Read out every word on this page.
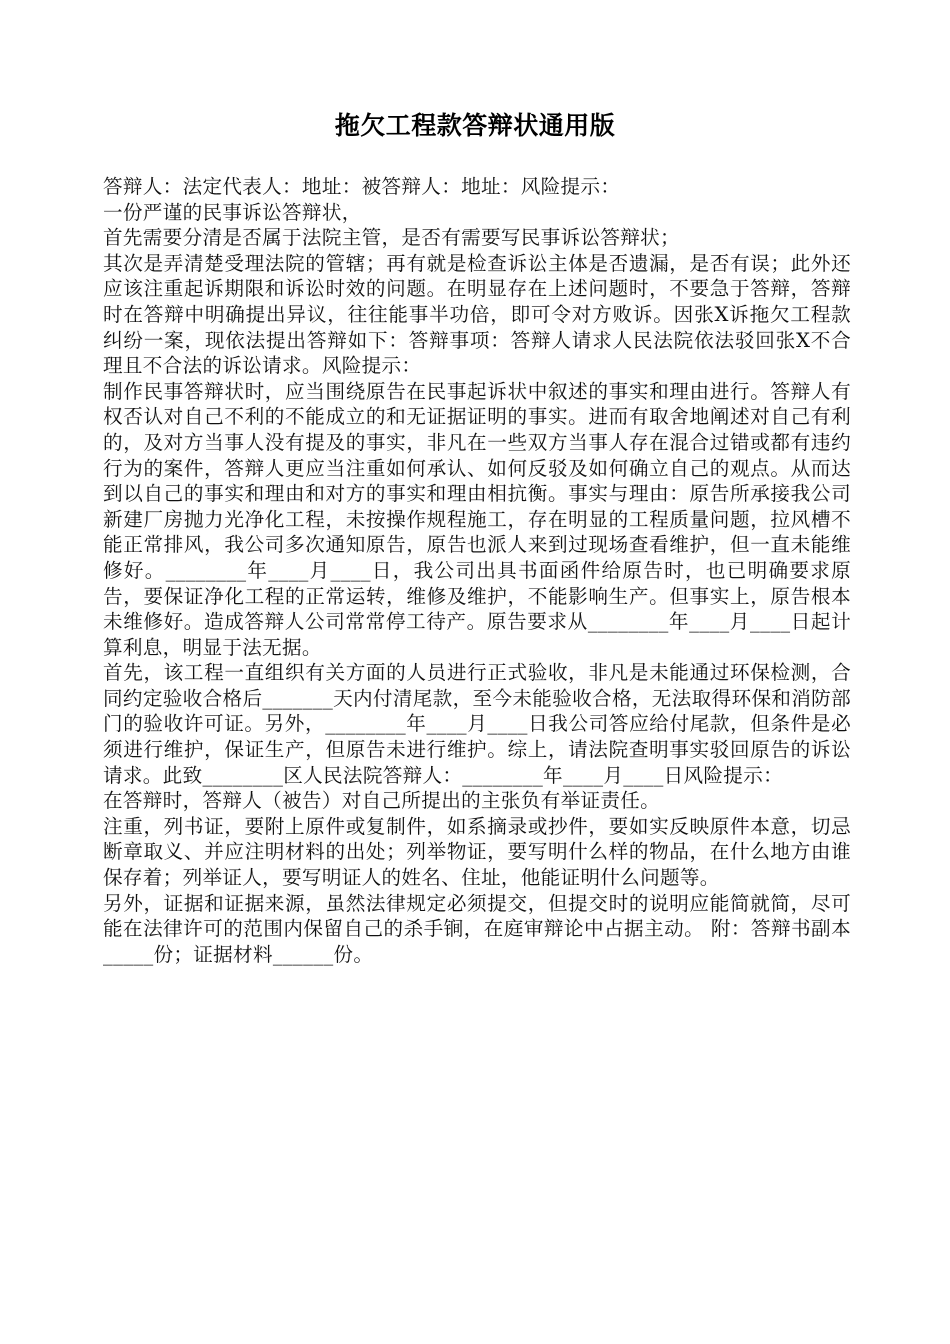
拖欠工程款答辩状通用版

答辩人：法定代表人：地址：被答辩人：地址：风险提示：

一份严谨的民事诉讼答辩状，

首先需要分清是否属于法院主管，是否有需要写民事诉讼答辩状；

其次是弄清楚受理法院的管辖；再有就是检查诉讼主体是否遗漏，是否有误；此外还应该注重起诉期限和诉讼时效的问题。在明显存在上述问题时，不要急于答辩，答辩时在答辩中明确提出异议，往往能事半功倍，即可令对方败诉。因张X诉拖欠工程款纠纷一案，现依法提出答辩如下：答辩事项：答辩人请求人民法院依法驳回张X不合理且不合法的诉讼请求。风险提示：

制作民事答辩状时，应当围绕原告在民事起诉状中叙述的事实和理由进行。答辩人有权否认对自己不利的不能成立的和无证据证明的事实。进而有取舍地阐述对自己有利的，及对方当事人没有提及的事实，非凡在一些双方当事人存在混合过错或都有违约行为的案件，答辩人更应当注重如何承认、如何反驳及如何确立自己的观点。从而达到以自己的事实和理由和对方的事实和理由相抗衡。事实与理由：原告所承接我公司新建厂房抛力光净化工程，未按操作规程施工，存在明显的工程质量问题，拉风槽不能正常排风，我公司多次通知原告，原告也派人来到过现场查看维护，但一直未能维修好。________年____月____日，我公司出具书面函件给原告时，也已明确要求原告，要保证净化工程的正常运转，维修及维护，不能影响生产。但事实上，原告根本未维修好。造成答辩人公司常常停工待产。原告要求从________年____月____日起计算利息，明显于法无据。

首先，该工程一直组织有关方面的人员进行正式验收，非凡是未能通过环保检测，合同约定验收合格后_______天内付清尾款，至今未能验收合格，无法取得环保和消防部门的验收许可证。另外，________年____月____日我公司答应给付尾款，但条件是必须进行维护，保证生产，但原告未进行维护。综上，请法院查明事实驳回原告的诉讼请求。此致________区人民法院答辩人：________年____月____日风险提示：

在答辩时，答辩人（被告）对自己所提出的主张负有举证责任。

注重，列书证，要附上原件或复制件，如系摘录或抄件，要如实反映原件本意，切忌断章取义、并应注明材料的出处；列举物证，要写明什么样的物品，在什么地方由谁保存着；列举证人，要写明证人的姓名、住址，他能证明什么问题等。

另外，证据和证据来源，虽然法律规定必须提交，但提交时的说明应能简就简，尽可能在法律许可的范围内保留自己的杀手锏，在庭审辩论中占据主动。 附：答辩书副本_____份；证据材料______份。
